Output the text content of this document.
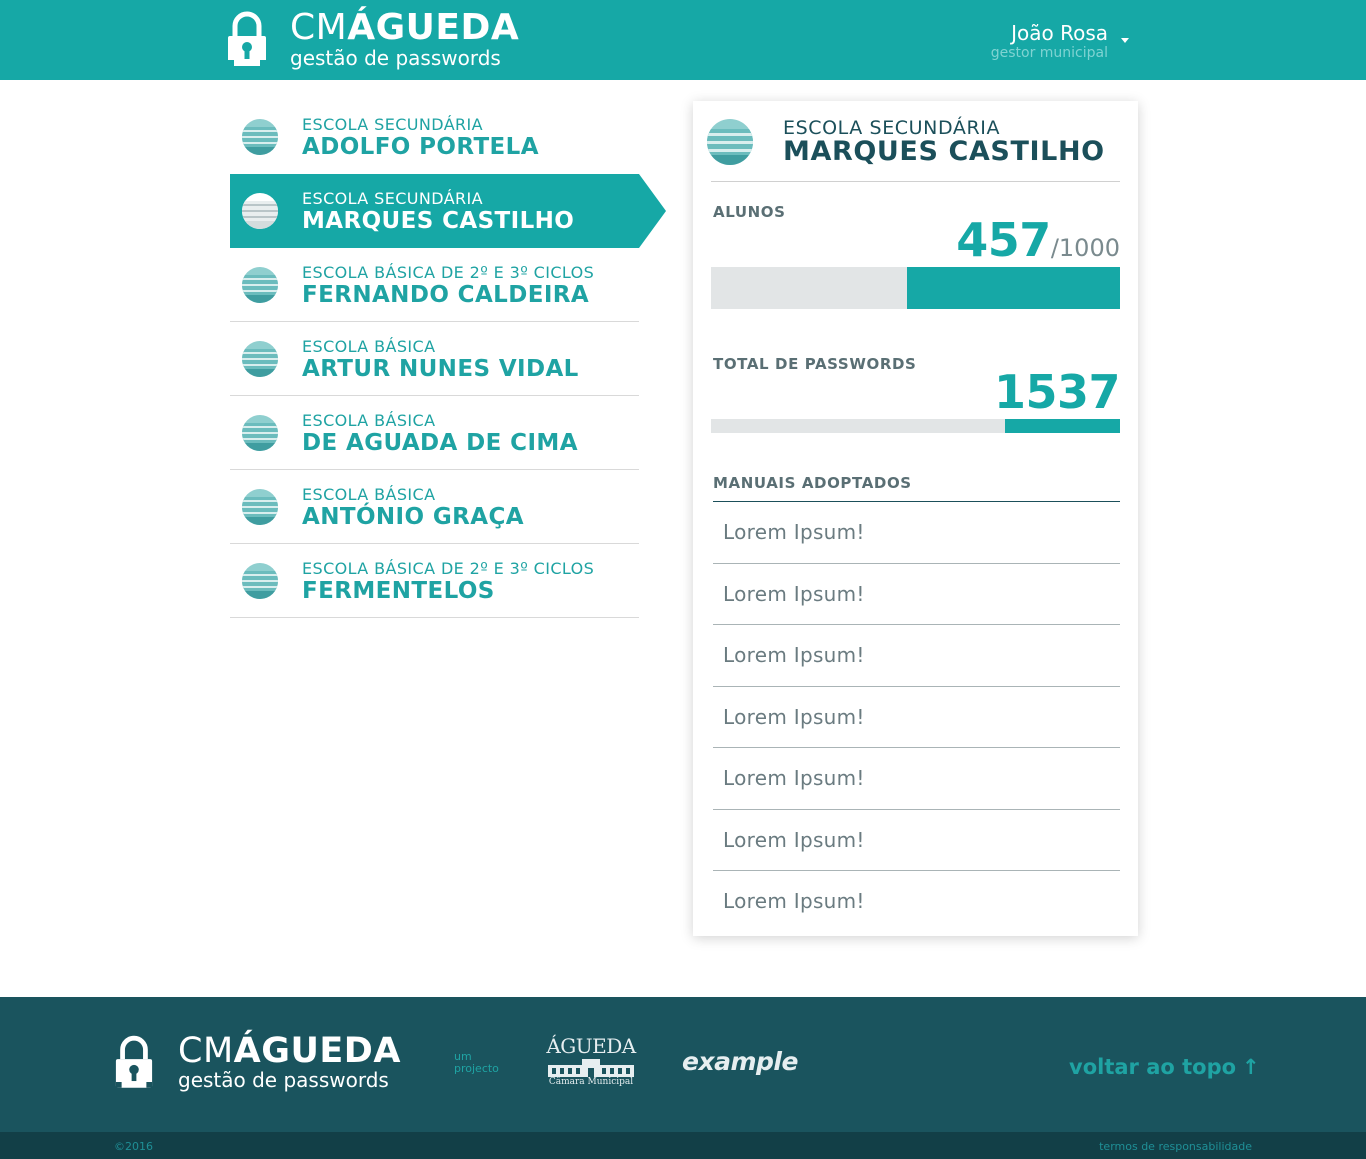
CMÁGUEDA
gestão de passwords
João Rosa
gestor municipal
ESCOLA SECUNDÁRIA
ADOLFO PORTELA
ESCOLA SECUNDÁRIA
MARQUES CASTILHO
ESCOLA BÁSICA DE 2º E 3º CICLOS
FERNANDO CALDEIRA
ESCOLA BÁSICA
ARTUR NUNES VIDAL
ESCOLA BÁSICA
DE AGUADA DE CIMA
ESCOLA BÁSICA
ANTÓNIO GRAÇA
ESCOLA BÁSICA DE 2º E 3º CICLOS
FERMENTELOS
ESCOLA SECUNDÁRIA
MARQUES CASTILHO
ALUNOS
457/1000
TOTAL DE PASSWORDS
1537
MANUAIS ADOPTADOS
Lorem Ipsum!
Lorem Ipsum!
Lorem Ipsum!
Lorem Ipsum!
Lorem Ipsum!
Lorem Ipsum!
Lorem Ipsum!
CMÁGUEDA
gestão de passwords
um projecto
ÁGUEDA
Câmara Municipal
example	voltar ao topo ↑
©2016	termos de responsabilidade
